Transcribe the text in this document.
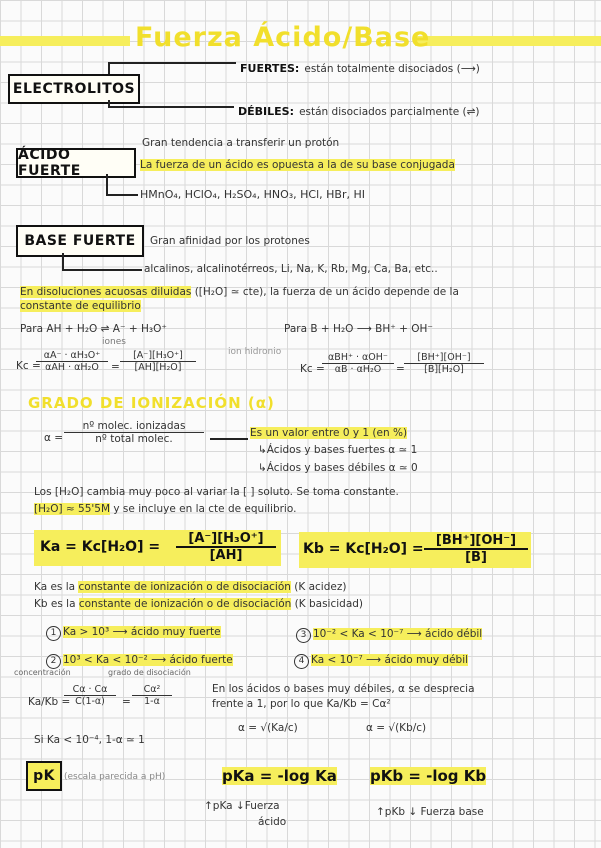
Fuerza Ácido/Base
ELECTROLITOS
FUERTES: están totalmente disociados (⟶)
DÉBILES: están disociados parcialmente (⇌)
Gran tendencia a transferir un protón
ÁCIDO FUERTE	La fuerza de un ácido es opuesta a la de su base conjugada
HMnO₄, HClO₄, H₂SO₄, HNO₃, HCl, HBr, HI
BASE FUERTE	Gran afinidad por los protones
alcalinos, alcalinotérreos, Li, Na, K, Rb, Mg, Ca, Ba, etc..
En disoluciones acuosas diluidas ([H₂O] ≃ cte), la fuerza de un ácido depende de la
constante de equilibrio
Para AH + H₂O ⇌ A⁻ + H₃O⁺
iones
ion hidronio
Para B + H₂O ⟶ BH⁺ + OH⁻
Kc =
αA⁻ · αH₃O⁺
αAH · αH₂O	= $\frac{\text{[A⁻][H₃O⁺]}}{\text{[AH][H₂O]}}$	Kc =
αBH⁺ · αOH⁻
αB · αH₂O	= $\frac{[BH^+][OH^-]}{\text{[B][H₂O]}}$
GRADO DE IONIZACIÓN (α)
α =
nº molec. ionizadas
nº total molec.	Es un valor entre 0 y 1 (en %)
↳Ácidos y bases fuertes α ≃ 1
↳Ácidos y bases débiles α ≃ 0
Los [H₂O] cambia muy poco al variar la [ ] soluto. Se toma constante.
[H₂O] ≈ 55'5M y se incluye en la cte de equilibrio.
$Ka = Kc[H_2O] = \frac{\text{[A⁻][H₃O⁺]}}{[AH]}$ $Kb = Kc[H_2O] = \frac{[BH^+][OH^-]}{[B]}$
Ka es la constante de ionización o de disociación (K acidez)
Kb es la constante de ionización o de disociación (K basicidad)
1 Ka > 10³ ⟶ ácido muy fuerte
2 10³ < Ka < 10⁻² ⟶ ácido fuerte
3 10⁻² < Ka < 10⁻⁷ ⟶ ácido débil
4 Ka < 10⁻⁷ ⟶ ácido muy débil
concentración	grado de disociación
Ka/Kb =
$\frac{C\alpha \cdot C\alpha}{C(1-\alpha)} = \frac{\text{Cα²}}{1-\alpha}$	En los ácidos o bases muy débiles, α se desprecia
frente a 1, por lo que Ka/Kb = Cα²
α = √(Ka/c)	α = √(Kb/c)
Si Ka < 10⁻⁴, 1-α ≃ 1
pK	(escala parecida a pH)	pKa = -log Ka pKb = -log Kb
↑pKa ↓Fuerza
ácido
↑pKb ↓ Fuerza base
